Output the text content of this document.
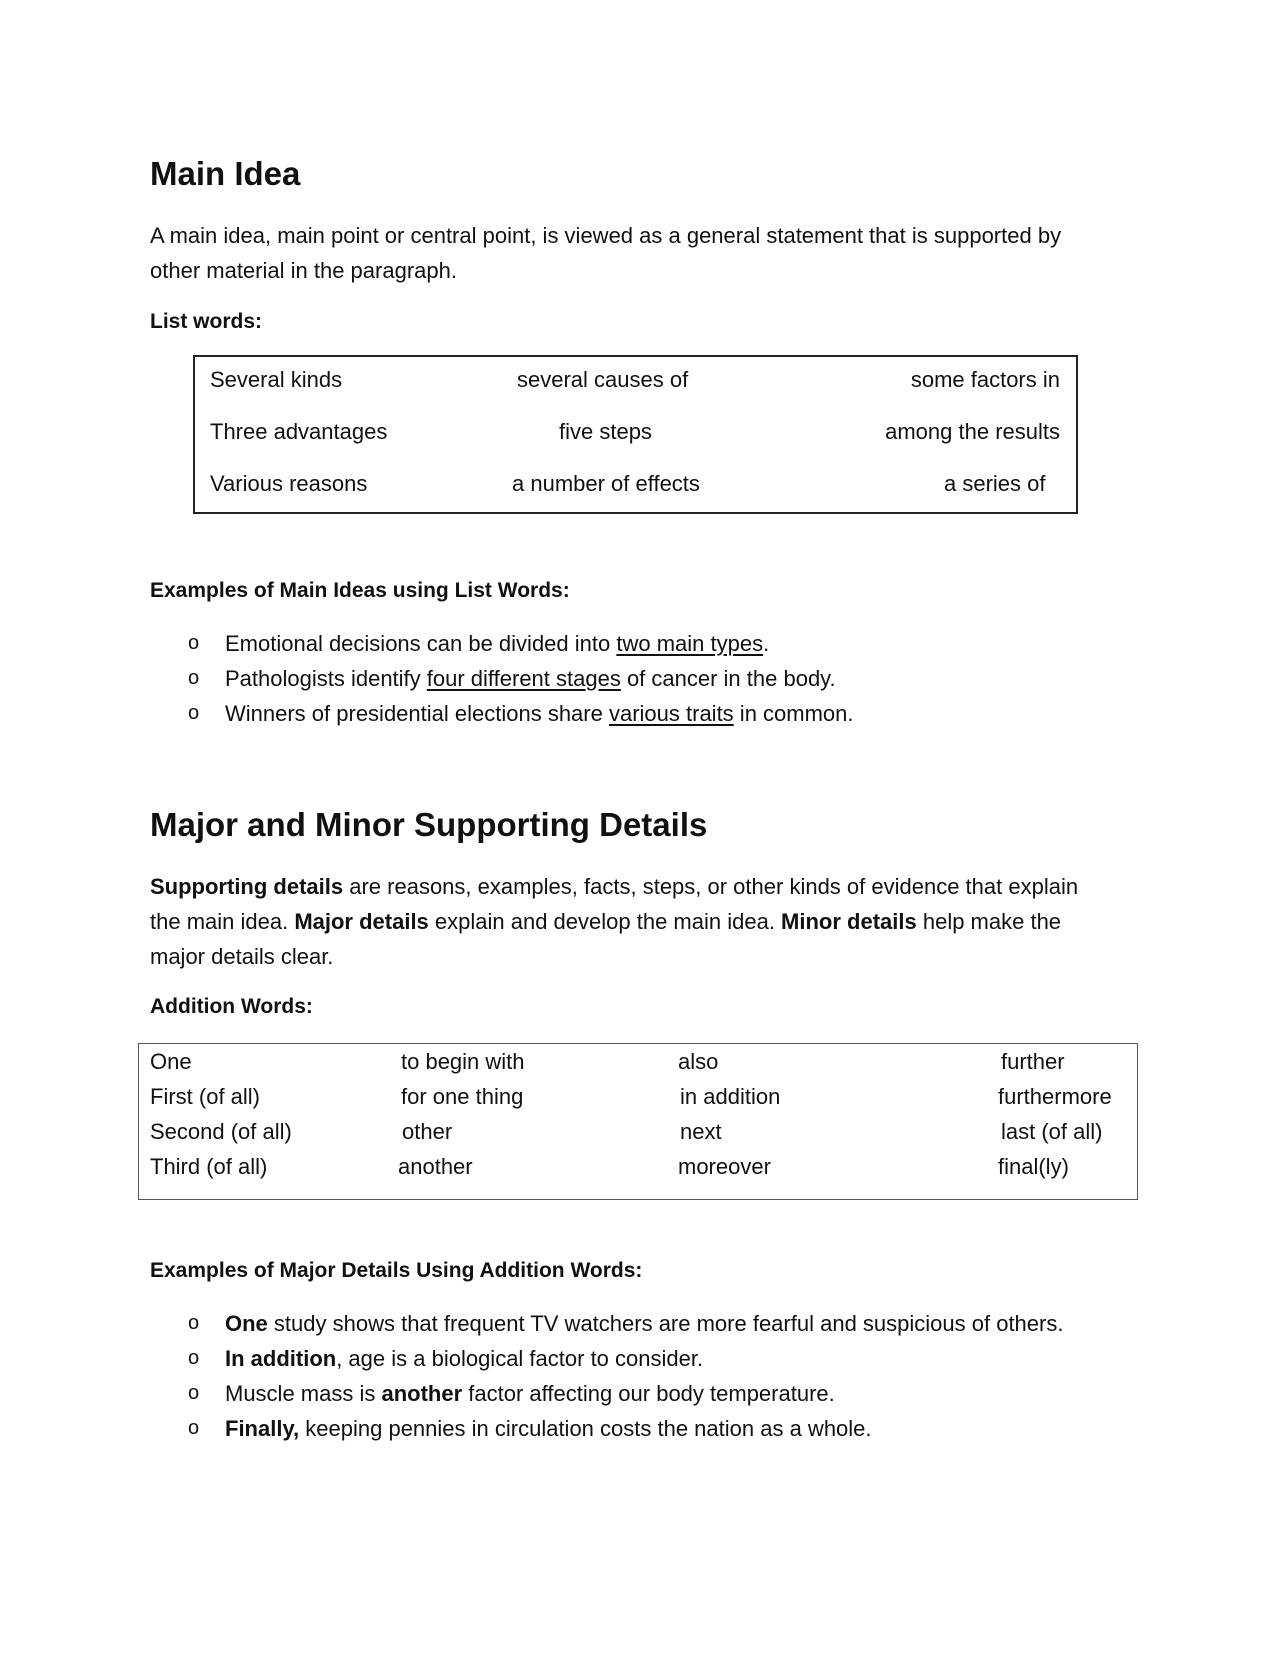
Main Idea
A main idea, main point or central point, is viewed as a general statement that is supported by
other material in the paragraph.
List words:
Several kinds	several causes of	some factors in
Three advantages	five steps	among the results
Various reasons	a number of effects	a series of
Examples of Main Ideas using List Words:
o Emotional decisions can be divided into two main types.
o Pathologists identify four different stages of cancer in the body.
o Winners of presidential elections share various traits in common.
Major and Minor Supporting Details
Supporting details are reasons, examples, facts, steps, or other kinds of evidence that explain
the main idea. Major details explain and develop the main idea. Minor details help make the
major details clear.
Addition Words:
One	to begin with	also	further
First (of all)	for one thing	in addition	furthermore
Second (of all)	other	next	last (of all)
Third (of all)	another	moreover	final(ly)
Examples of Major Details Using Addition Words:
o One study shows that frequent TV watchers are more fearful and suspicious of others.
o In addition, age is a biological factor to consider.
o Muscle mass is another factor affecting our body temperature.
o Finally, keeping pennies in circulation costs the nation as a whole.
